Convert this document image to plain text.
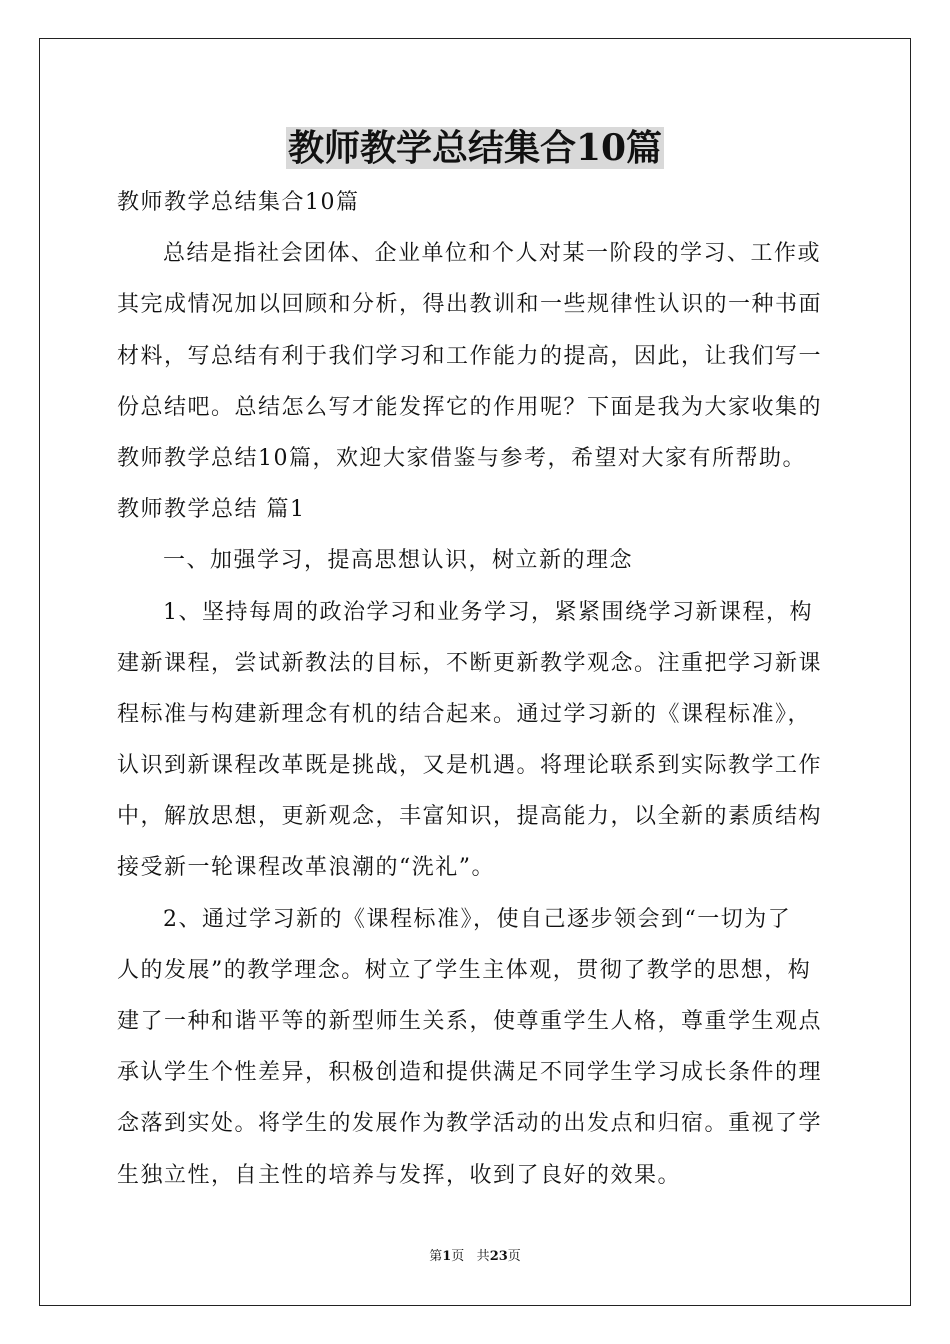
教师教学总结集合10篇

教师教学总结集合10篇

总结是指社会团体、企业单位和个人对某一阶段的学习、工作或

其完成情况加以回顾和分析，得出教训和一些规律性认识的一种书面

材料，写总结有利于我们学习和工作能力的提高，因此，让我们写一

份总结吧。总结怎么写才能发挥它的作用呢？下面是我为大家收集的

教师教学总结10篇，欢迎大家借鉴与参考，希望对大家有所帮助。

教师教学总结 篇1

一、加强学习，提高思想认识，树立新的理念

1、坚持每周的政治学习和业务学习，紧紧围绕学习新课程，构

建新课程，尝试新教法的目标，不断更新教学观念。注重把学习新课

程标准与构建新理念有机的结合起来。通过学习新的《课程标准》，

认识到新课程改革既是挑战，又是机遇。将理论联系到实际教学工作

中，解放思想，更新观念，丰富知识，提高能力，以全新的素质结构

接受新一轮课程改革浪潮的“洗礼”。

2、通过学习新的《课程标准》，使自己逐步领会到“一切为了

人的发展”的教学理念。树立了学生主体观，贯彻了教学的思想，构

建了一种和谐平等的新型师生关系，使尊重学生人格，尊重学生观点

承认学生个性差异，积极创造和提供满足不同学生学习成长条件的理

念落到实处。将学生的发展作为教学活动的出发点和归宿。重视了学

生独立性，自主性的培养与发挥，收到了良好的效果。

第1页 共23页
